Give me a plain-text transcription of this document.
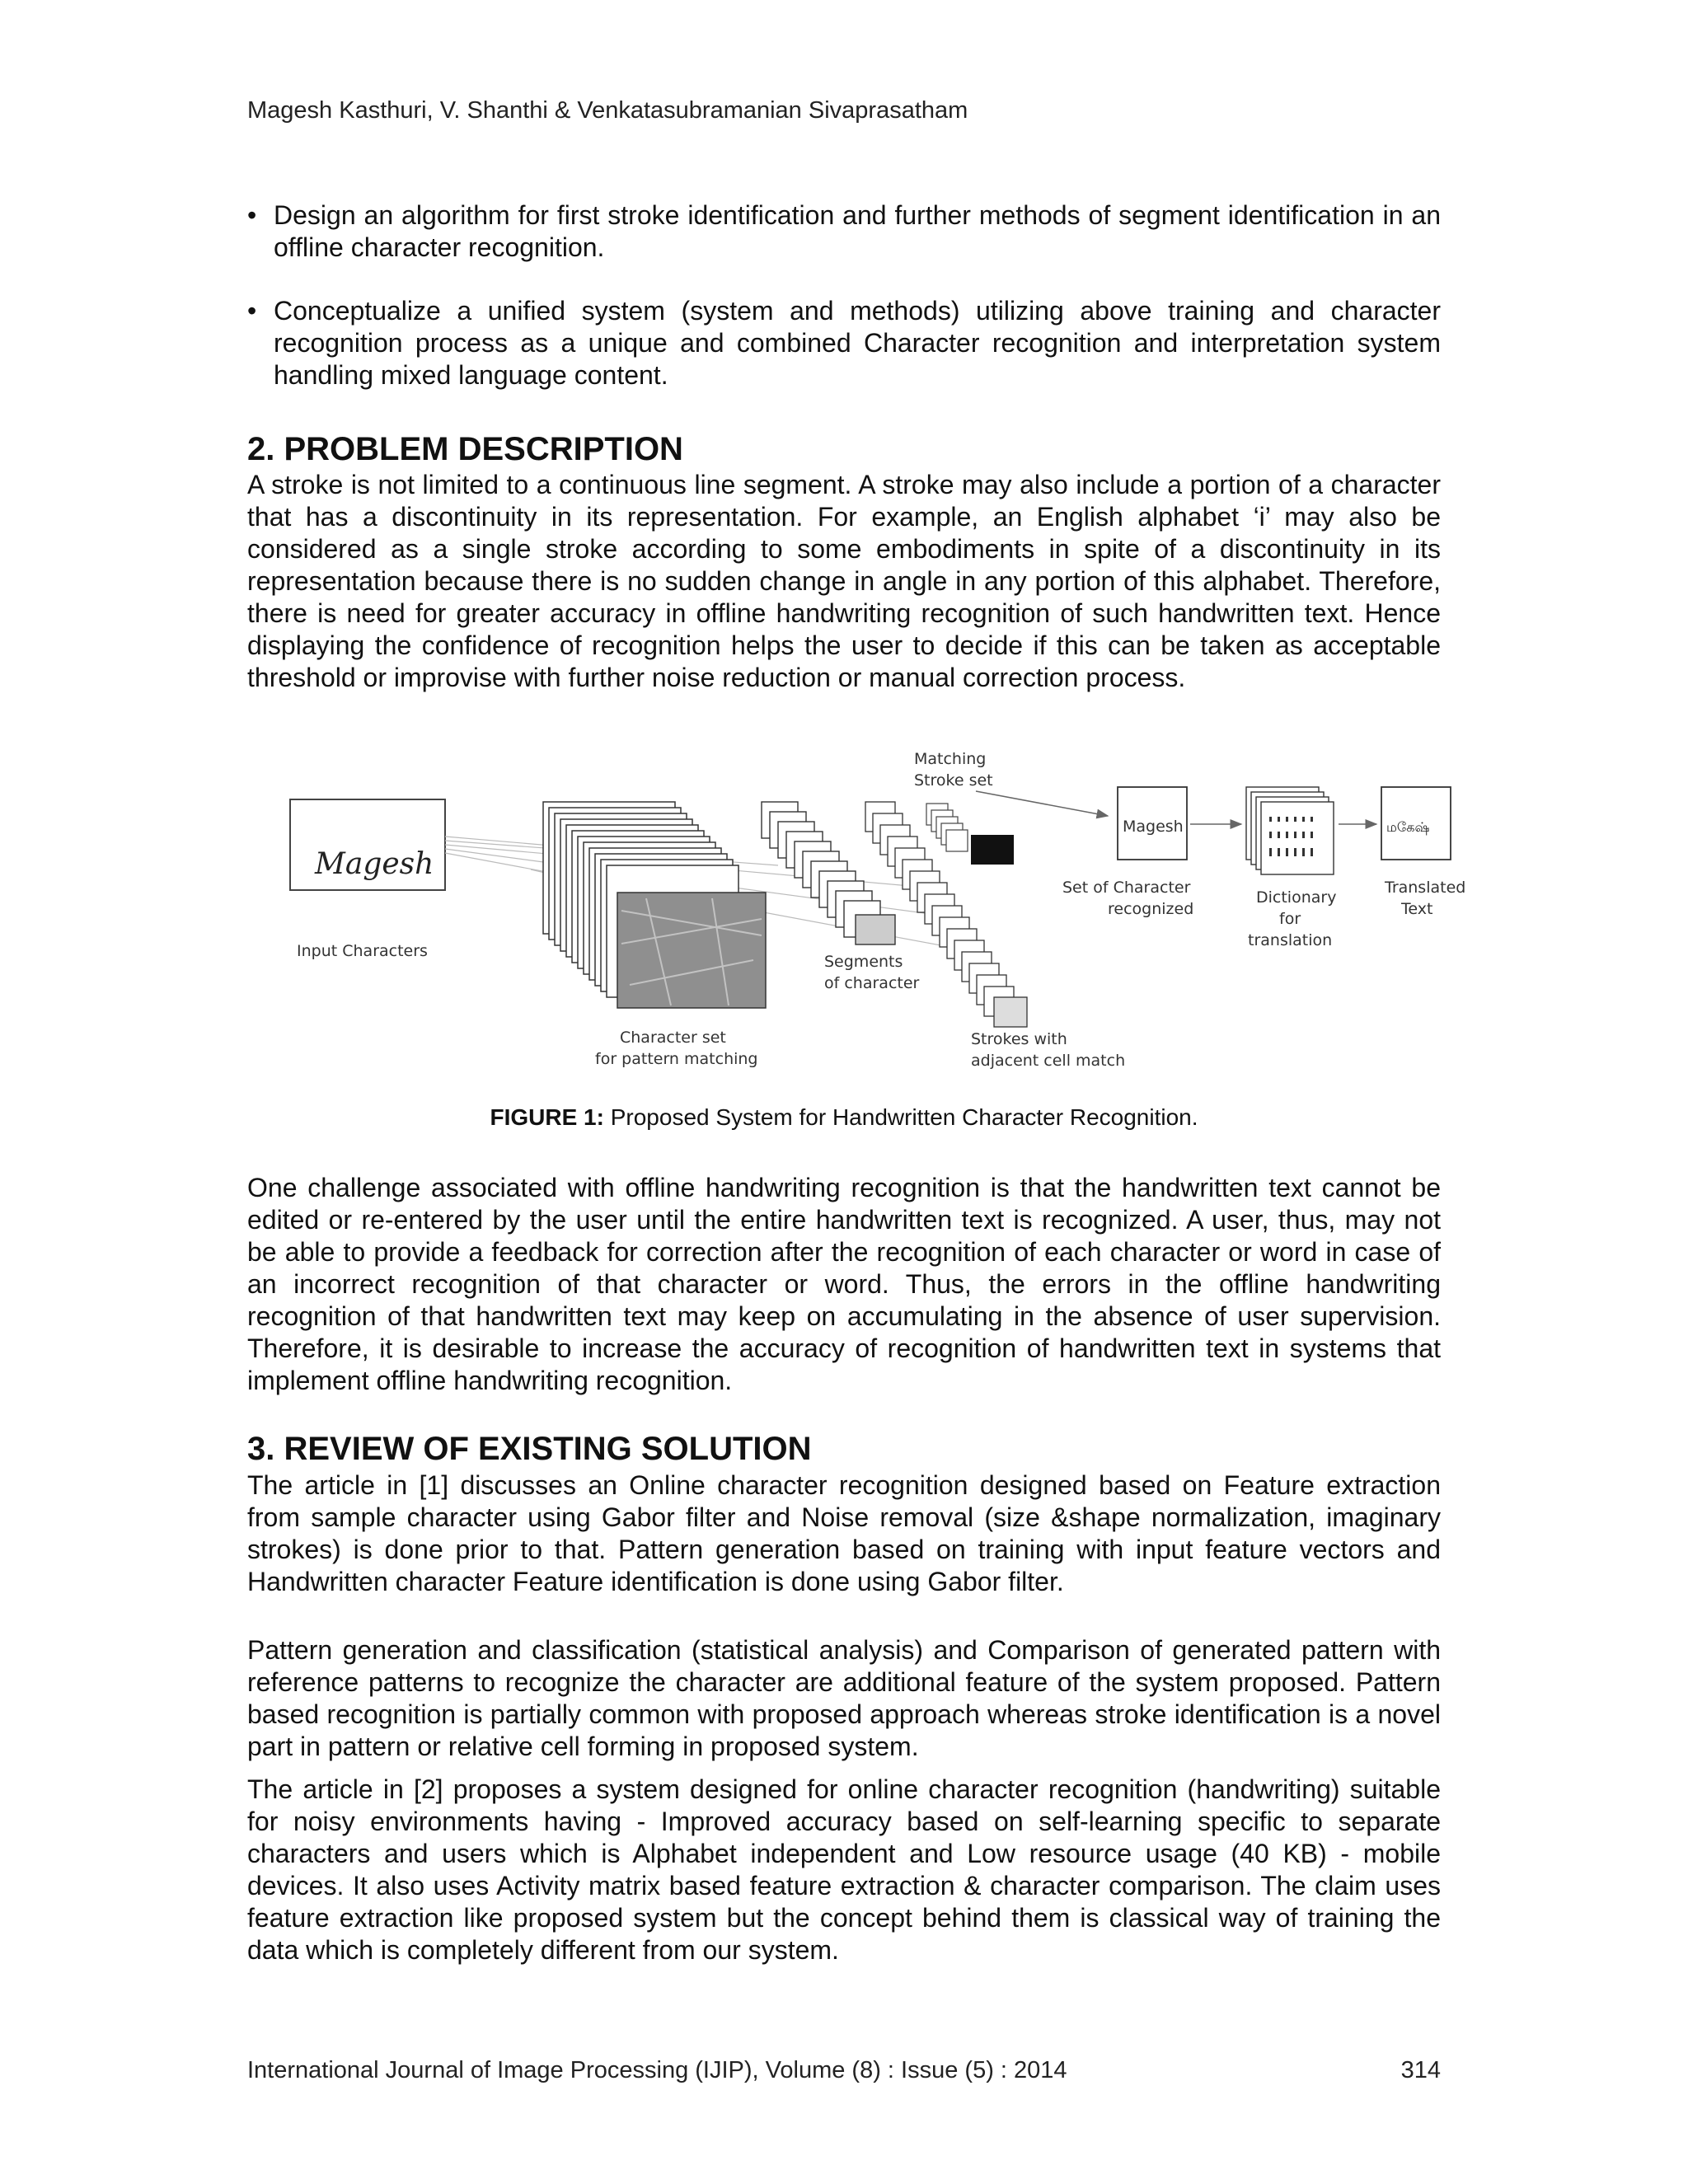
Magesh Kasthuri, V. Shanthi & Venkatasubramanian Sivaprasatham
• Design an algorithm for first stroke identification and further methods of segment identification in an offline character recognition.
• Conceptualize a unified system (system and methods) utilizing above training and character recognition process as a unique and combined Character recognition and interpretation system handling mixed language content.
2. PROBLEM DESCRIPTION

A stroke is not limited to a continuous line segment. A stroke may also include a portion of a character that has a discontinuity in its representation. For example, an English alphabet ‘i’ may also be considered as a single stroke according to some embodiments in spite of a discontinuity in its representation because there is no sudden change in angle in any portion of this alphabet. Therefore, there is need for greater accuracy in offline handwriting recognition of such handwritten text. Hence displaying the confidence of recognition helps the user to decide if this can be taken as acceptable threshold or improvise with further noise reduction or manual correction process.

Magesh
Input Characters
Character set
for pattern matching
Segments
of character
Strokes with
adjacent cell match
Matching
Stroke set
Magesh
Set of Character
recognized
Dictionary
for
translation
மகேஷ்
Translated
Text
FIGURE 1: Proposed System for Handwritten Character Recognition.

One challenge associated with offline handwriting recognition is that the handwritten text cannot be edited or re-entered by the user until the entire handwritten text is recognized. A user, thus, may not be able to provide a feedback for correction after the recognition of each character or word in case of an incorrect recognition of that character or word. Thus, the errors in the offline handwriting recognition of that handwritten text may keep on accumulating in the absence of user supervision. Therefore, it is desirable to increase the accuracy of recognition of handwritten text in systems that implement offline handwriting recognition.

3. REVIEW OF EXISTING SOLUTION

The article in [1] discusses an Online character recognition designed based on Feature extraction from sample character using Gabor filter and Noise removal (size &shape normalization, imaginary strokes) is done prior to that. Pattern generation based on training with input feature vectors and Handwritten character Feature identification is done using Gabor filter.

Pattern generation and classification (statistical analysis) and Comparison of generated pattern with reference patterns to recognize the character are additional feature of the system proposed. Pattern based recognition is partially common with proposed approach whereas stroke identification is a novel part in pattern or relative cell forming in proposed system.

The article in [2] proposes a system designed for online character recognition (handwriting) suitable for noisy environments having - Improved accuracy based on self-learning specific to separate characters and users which is Alphabet independent and Low resource usage (40 KB) - mobile devices. It also uses Activity matrix based feature extraction & character comparison. The claim uses feature extraction like proposed system but the concept behind them is classical way of training the data which is completely different from our system.

International Journal of Image Processing (IJIP), Volume (8) : Issue (5) : 2014	314
